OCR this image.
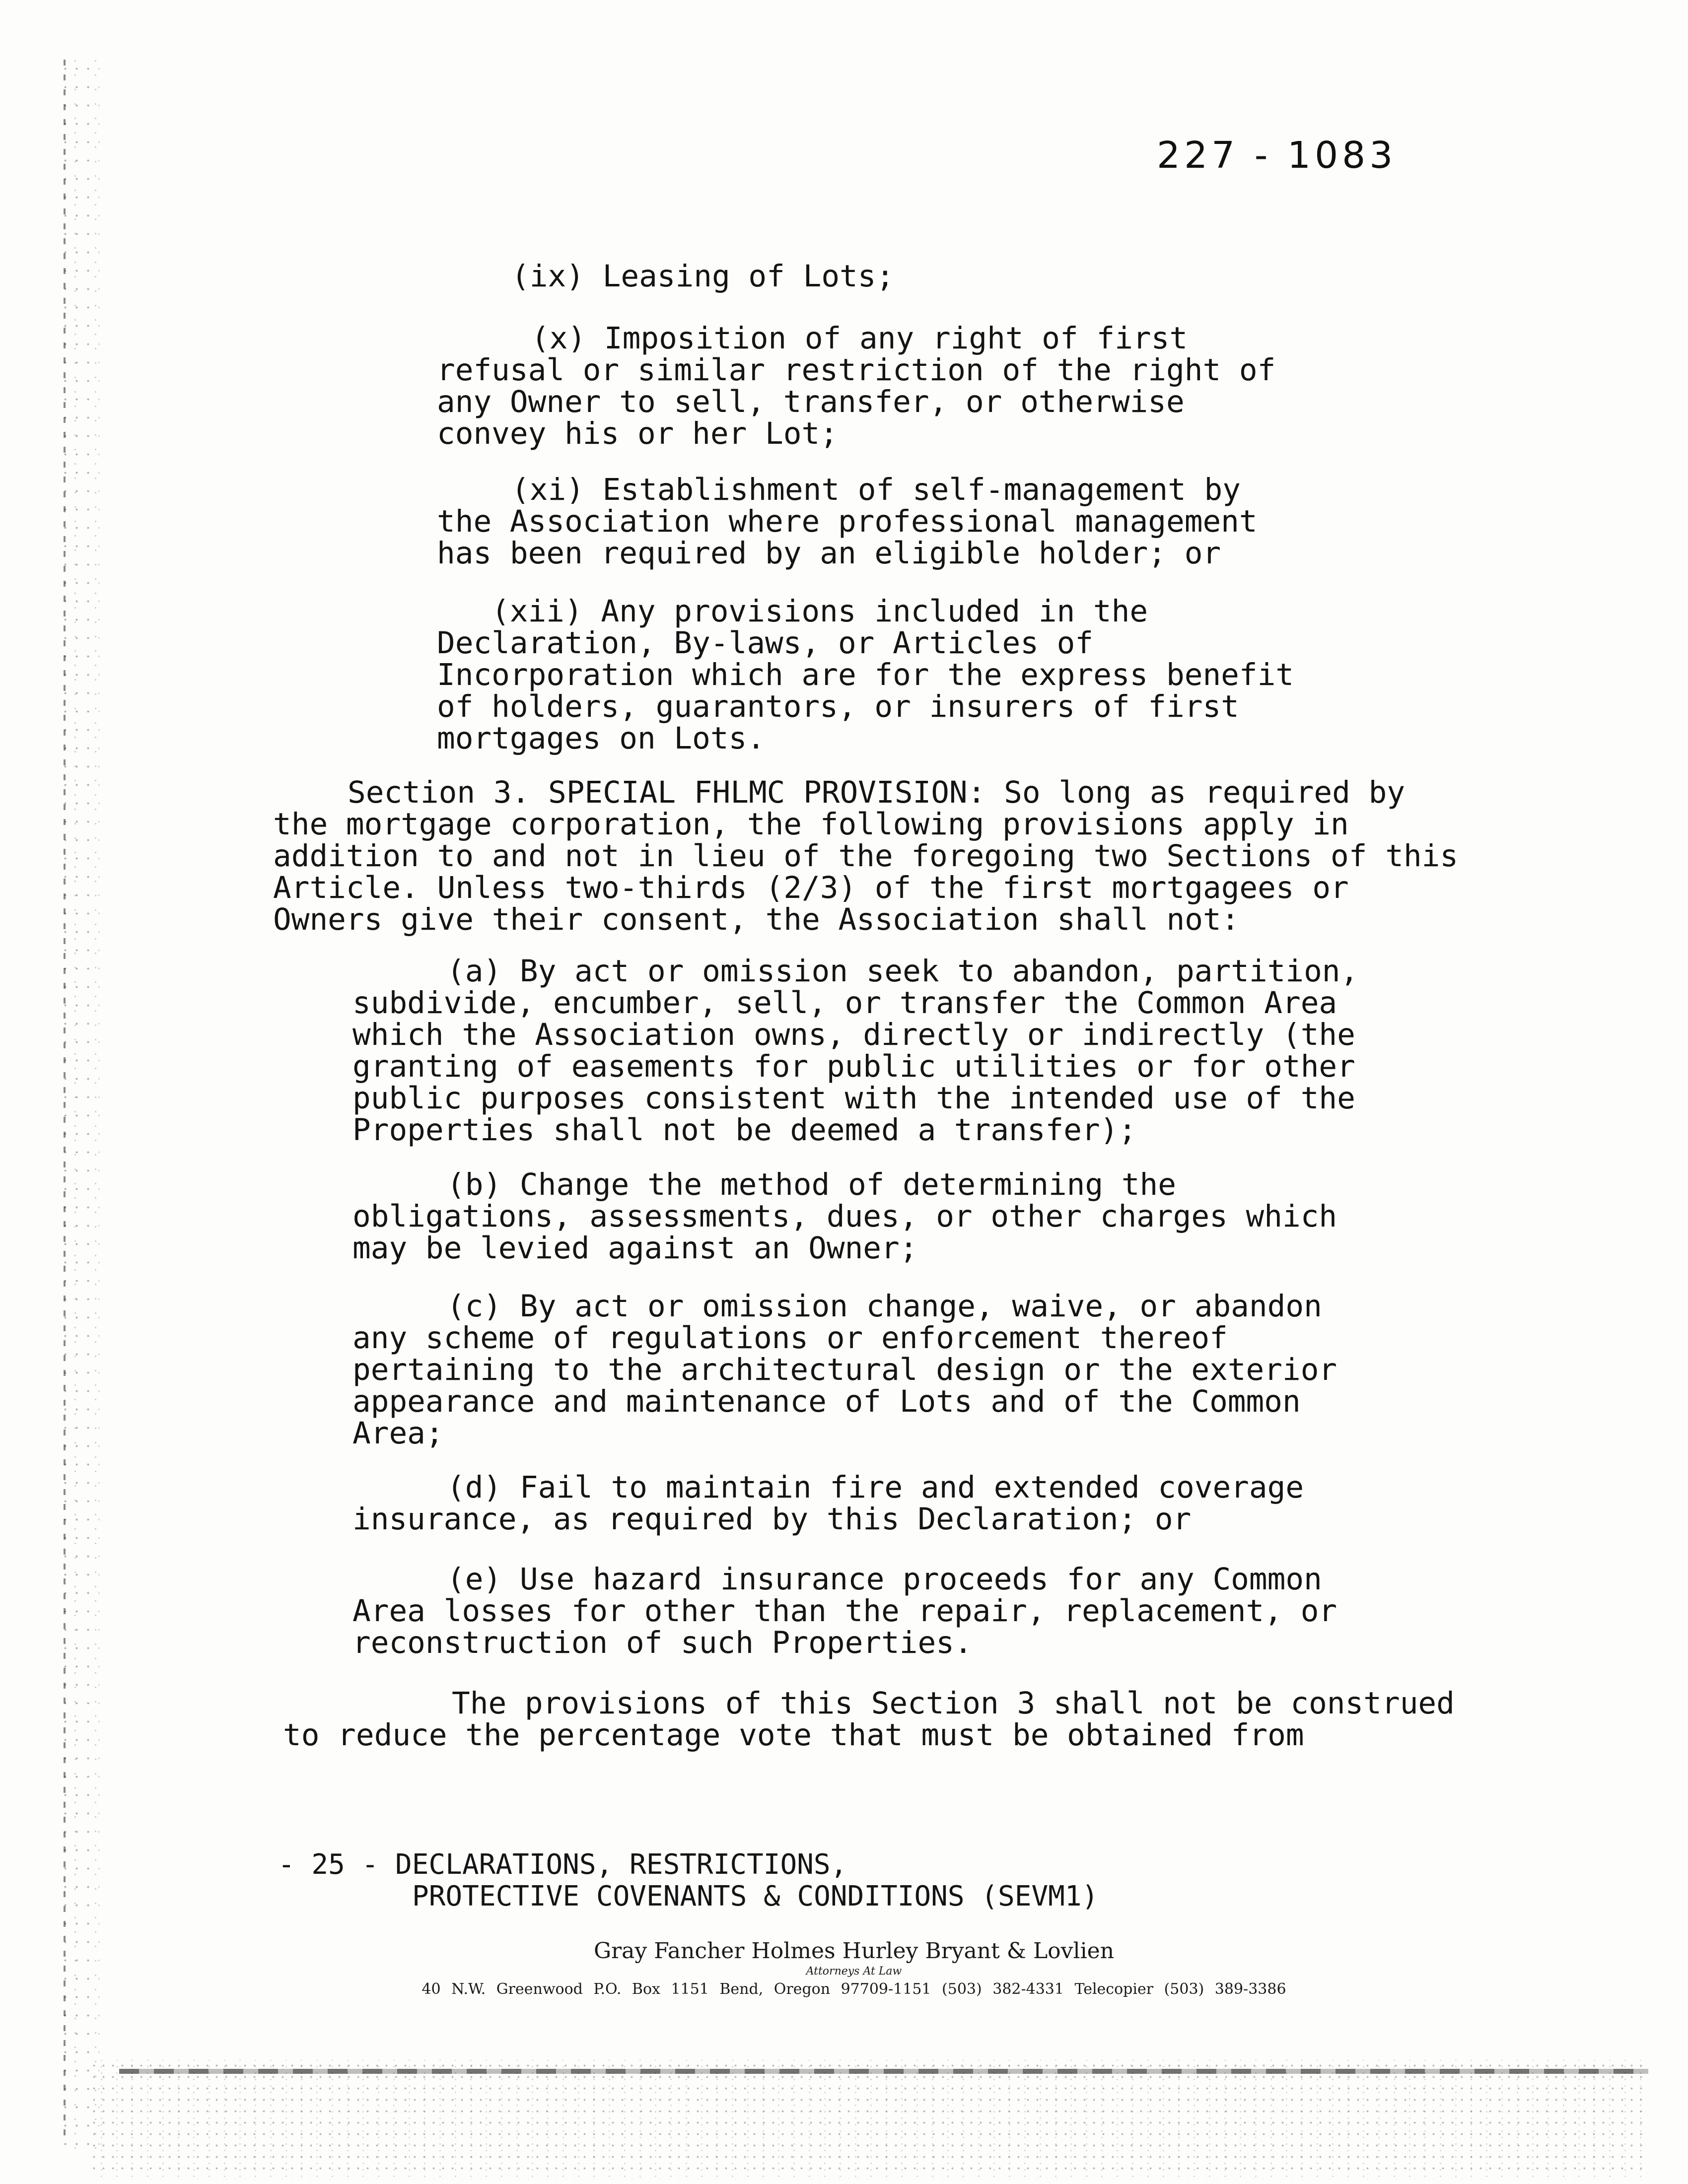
227 - 1083
(ix) Leasing of Lots;
(x) Imposition of any right of first
refusal or similar restriction of the right of
any Owner to sell, transfer, or otherwise
convey his or her Lot;
(xi) Establishment of self-management by
the Association where professional management
has been required by an eligible holder; or
(xii) Any provisions included in the
Declaration, By-laws, or Articles of
Incorporation which are for the express benefit
of holders, guarantors, or insurers of first
mortgages on Lots.
Section 3. SPECIAL FHLMC PROVISION: So long as required by
the mortgage corporation, the following provisions apply in
addition to and not in lieu of the foregoing two Sections of this
Article. Unless two-thirds (2/3) of the first mortgagees or
Owners give their consent, the Association shall not:
(a) By act or omission seek to abandon, partition,
subdivide, encumber, sell, or transfer the Common Area
which the Association owns, directly or indirectly (the
granting of easements for public utilities or for other
public purposes consistent with the intended use of the
Properties shall not be deemed a transfer);
(b) Change the method of determining the
obligations, assessments, dues, or other charges which
may be levied against an Owner;
(c) By act or omission change, waive, or abandon
any scheme of regulations or enforcement thereof
pertaining to the architectural design or the exterior
appearance and maintenance of Lots and of the Common
Area;
(d) Fail to maintain fire and extended coverage
insurance, as required by this Declaration; or
(e) Use hazard insurance proceeds for any Common
Area losses for other than the repair, replacement, or
reconstruction of such Properties.
The provisions of this Section 3 shall not be construed
to reduce the percentage vote that must be obtained from
- 25 - DECLARATIONS, RESTRICTIONS,
PROTECTIVE COVENANTS & CONDITIONS (SEVM1)
Gray Fancher Holmes Hurley Bryant & Lovlien
Attorneys At Law
40 N.W. Greenwood P.O. Box 1151 Bend, Oregon 97709-1151 (503) 382-4331 Telecopier (503) 389-3386
